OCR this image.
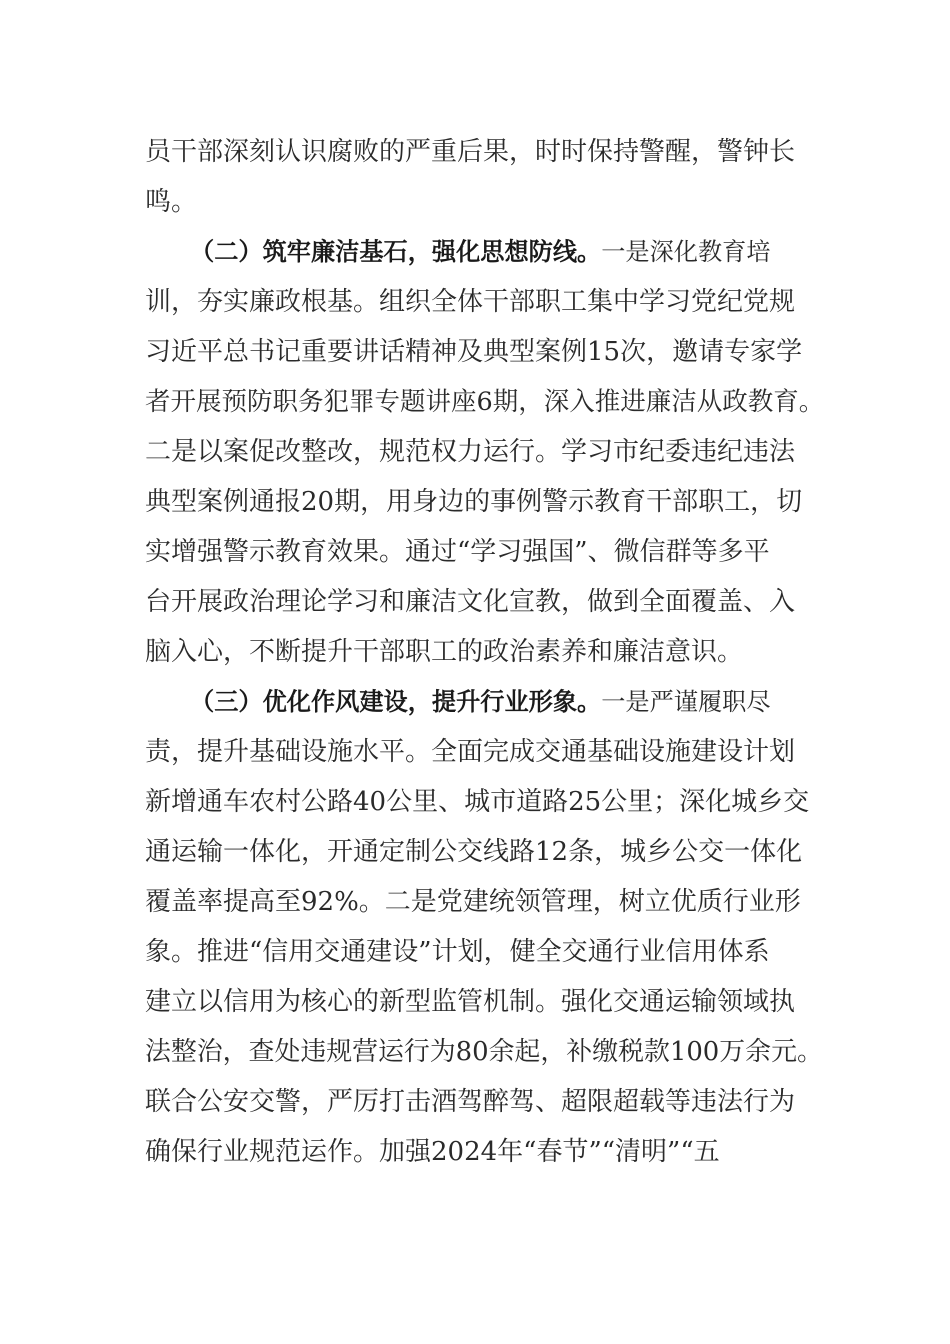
员干部深刻认识腐败的严重后果，时时保持警醒，警钟长
鸣。
（二）筑牢廉洁基石，强化思想防线。一是深化教育培
训，夯实廉政根基。组织全体干部职工集中学习党纪党规
习近平总书记重要讲话精神及典型案例15次，邀请专家学
者开展预防职务犯罪专题讲座6期，深入推进廉洁从政教育。
二是以案促改整改，规范权力运行。学习市纪委违纪违法
典型案例通报20期，用身边的事例警示教育干部职工，切
实增强警示教育效果。通过“学习强国”、微信群等多平
台开展政治理论学习和廉洁文化宣教，做到全面覆盖、入
脑入心，不断提升干部职工的政治素养和廉洁意识。
（三）优化作风建设，提升行业形象。一是严谨履职尽
责，提升基础设施水平。全面完成交通基础设施建设计划
新增通车农村公路40公里、城市道路25公里；深化城乡交
通运输一体化，开通定制公交线路12条，城乡公交一体化
覆盖率提高至92%。二是党建统领管理，树立优质行业形
象。推进“信用交通建设”计划，健全交通行业信用体系
建立以信用为核心的新型监管机制。强化交通运输领域执
法整治，查处违规营运行为80余起，补缴税款100万余元。
联合公安交警，严厉打击酒驾醉驾、超限超载等违法行为
确保行业规范运作。加强2024年“春节”“清明”“五
